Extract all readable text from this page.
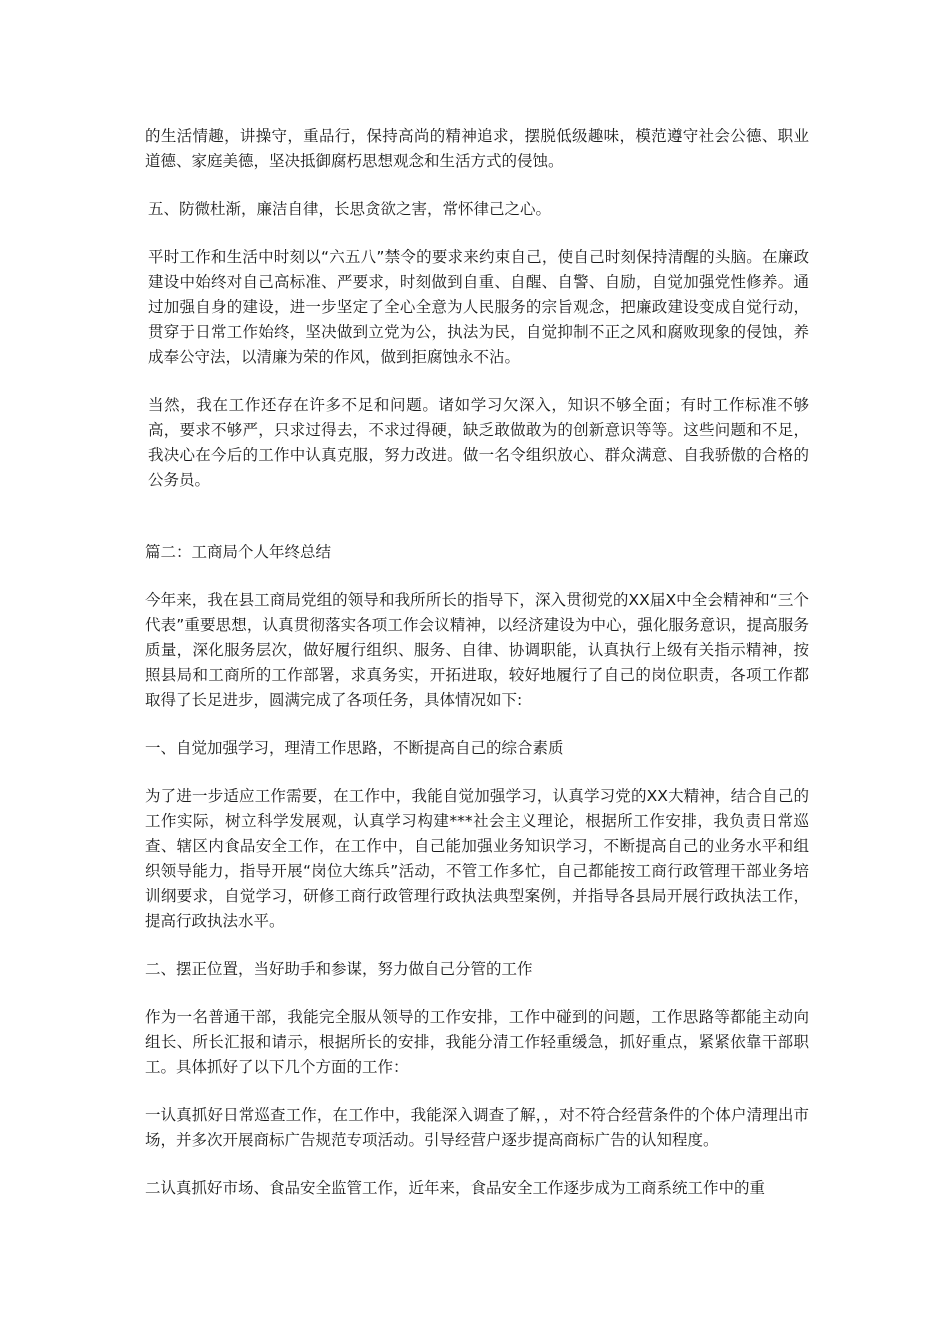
的生活情趣，讲操守，重品行，保持高尚的精神追求，摆脱低级趣味，模范遵守社会公德、职业道德、家庭美德，坚决抵御腐朽思想观念和生活方式的侵蚀。

五、防微杜渐，廉洁自律，长思贪欲之害，常怀律己之心。

平时工作和生活中时刻以“六五八”禁令的要求来约束自己，使自己时刻保持清醒的头脑。在廉政建设中始终对自己高标准、严要求，时刻做到自重、自醒、自警、自励，自觉加强党性修养。通过加强自身的建设，进一步坚定了全心全意为人民服务的宗旨观念，把廉政建设变成自觉行动，贯穿于日常工作始终，坚决做到立党为公，执法为民，自觉抑制不正之风和腐败现象的侵蚀，养成奉公守法，以清廉为荣的作风，做到拒腐蚀永不沾。

当然，我在工作还存在许多不足和问题。诸如学习欠深入，知识不够全面；有时工作标准不够高，要求不够严，只求过得去，不求过得硬，缺乏敢做敢为的创新意识等等。这些问题和不足，我决心在今后的工作中认真克服，努力改进。做一名令组织放心、群众满意、自我骄傲的合格的公务员。

篇二：工商局个人年终总结

今年来，我在县工商局党组的领导和我所所长的指导下，深入贯彻党的XX届X中全会精神和“三个代表”重要思想，认真贯彻落实各项工作会议精神，以经济建设为中心，强化服务意识，提高服务质量，深化服务层次，做好履行组织、服务、自律、协调职能，认真执行上级有关指示精神，按照县局和工商所的工作部署，求真务实，开拓进取，较好地履行了自己的岗位职责，各项工作都取得了长足进步，圆满完成了各项任务，具体情况如下:

一、自觉加强学习，理清工作思路，不断提高自己的综合素质

为了进一步适应工作需要，在工作中，我能自觉加强学习，认真学习党的XX大精神，结合自己的工作实际，树立科学发展观，认真学习构建***社会主义理论，根据所工作安排，我负责日常巡查、辖区内食品安全工作，在工作中，自己能加强业务知识学习，不断提高自己的业务水平和组织领导能力，指导开展“岗位大练兵”活动，不管工作多忙，自己都能按工商行政管理干部业务培训纲要求，自觉学习，研修工商行政管理行政执法典型案例，并指导各县局开展行政执法工作，提高行政执法水平。

二、摆正位置，当好助手和参谋，努力做自己分管的工作

作为一名普通干部，我能完全服从领导的工作安排，工作中碰到的问题，工作思路等都能主动向组长、所长汇报和请示，根据所长的安排，我能分清工作轻重缓急，抓好重点，紧紧依靠干部职工。具体抓好了以下几个方面的工作：

一认真抓好日常巡查工作，在工作中，我能深入调查了解，，对不符合经营条件的个体户清理出市场，并多次开展商标广告规范专项活动。引导经营户逐步提高商标广告的认知程度。

二认真抓好市场、食品安全监管工作，近年来，食品安全工作逐步成为工商系统工作中的重
